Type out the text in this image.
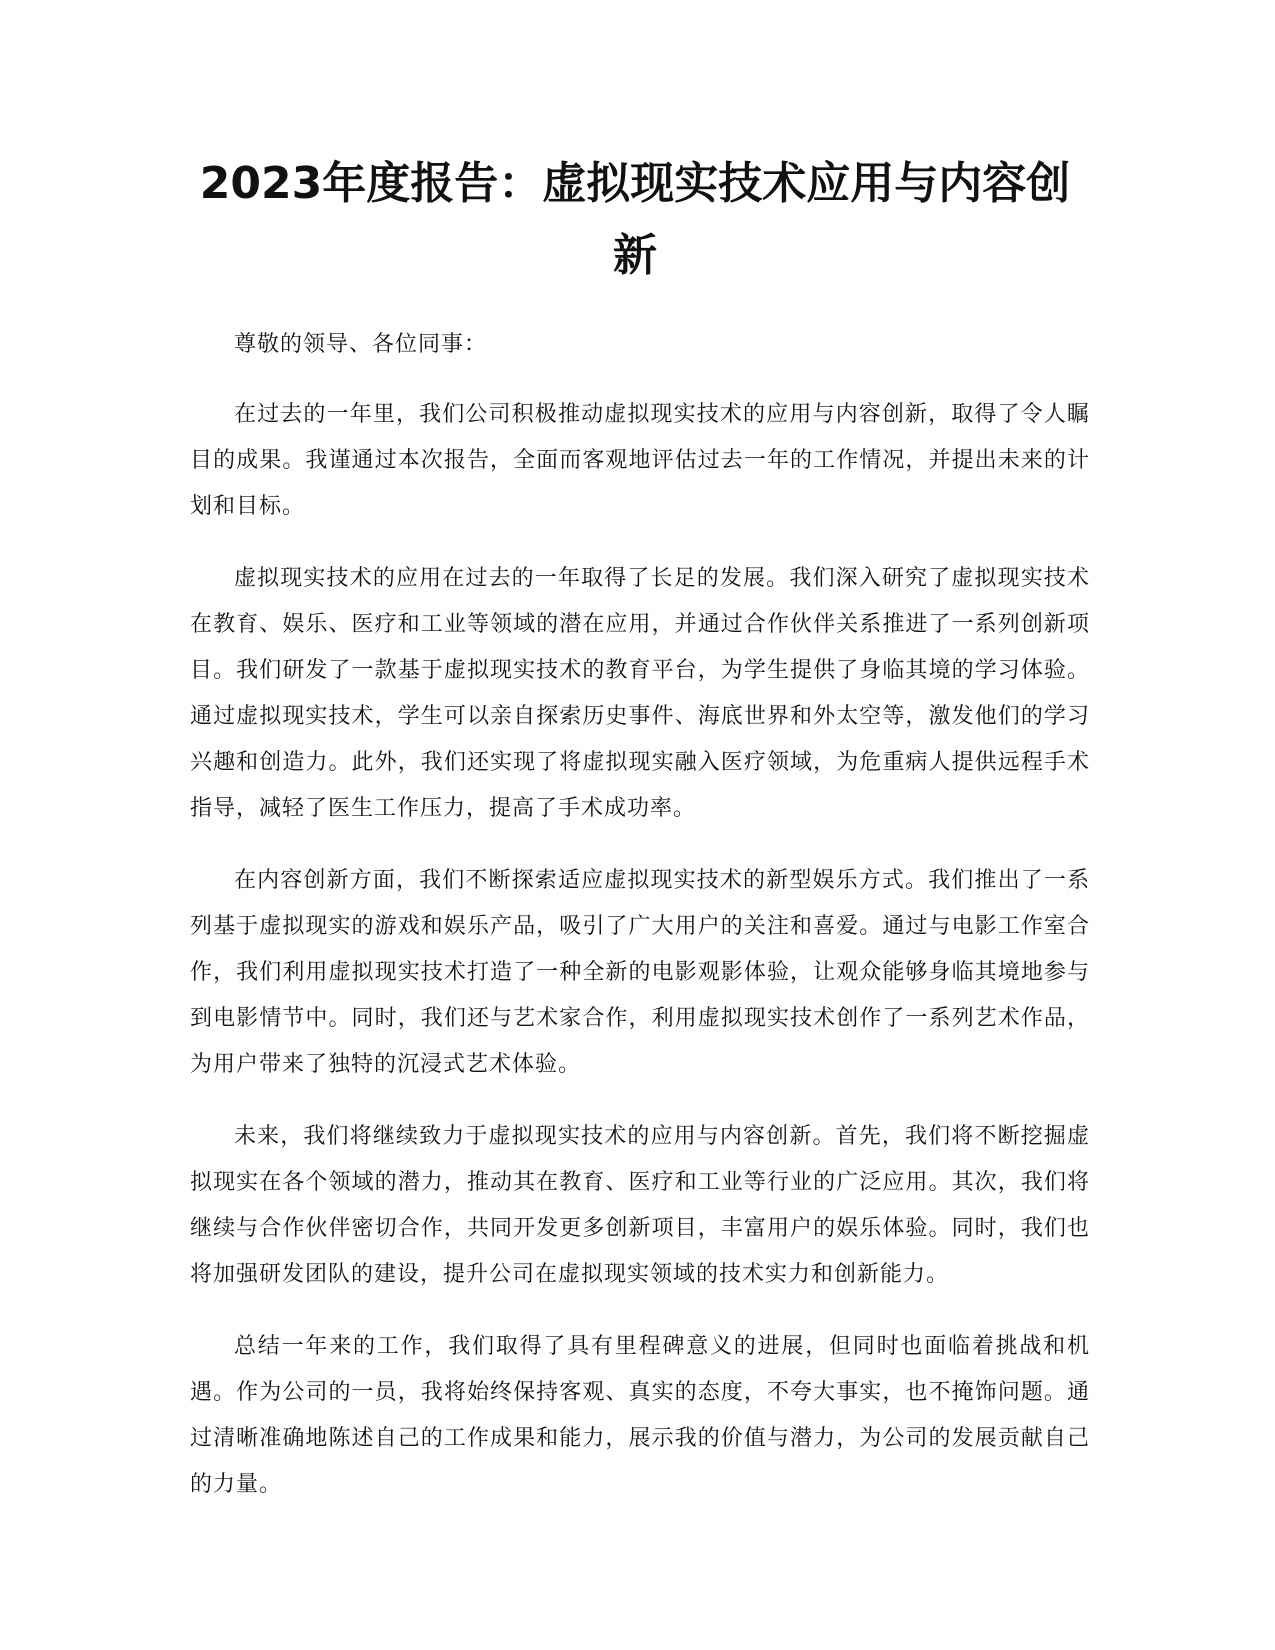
2023年度报告：虚拟现实技术应用与内容创新

尊敬的领导、各位同事：

在过去的一年里，我们公司积极推动虚拟现实技术的应用与内容创新，取得了令人瞩目的成果。我谨通过本次报告，全面而客观地评估过去一年的工作情况，并提出未来的计划和目标。

虚拟现实技术的应用在过去的一年取得了长足的发展。我们深入研究了虚拟现实技术在教育、娱乐、医疗和工业等领域的潜在应用，并通过合作伙伴关系推进了一系列创新项目。我们研发了一款基于虚拟现实技术的教育平台，为学生提供了身临其境的学习体验。通过虚拟现实技术，学生可以亲自探索历史事件、海底世界和外太空等，激发他们的学习兴趣和创造力。此外，我们还实现了将虚拟现实融入医疗领域，为危重病人提供远程手术指导，减轻了医生工作压力，提高了手术成功率。

在内容创新方面，我们不断探索适应虚拟现实技术的新型娱乐方式。我们推出了一系列基于虚拟现实的游戏和娱乐产品，吸引了广大用户的关注和喜爱。通过与电影工作室合作，我们利用虚拟现实技术打造了一种全新的电影观影体验，让观众能够身临其境地参与到电影情节中。同时，我们还与艺术家合作，利用虚拟现实技术创作了一系列艺术作品，为用户带来了独特的沉浸式艺术体验。

未来，我们将继续致力于虚拟现实技术的应用与内容创新。首先，我们将不断挖掘虚拟现实在各个领域的潜力，推动其在教育、医疗和工业等行业的广泛应用。其次，我们将继续与合作伙伴密切合作，共同开发更多创新项目，丰富用户的娱乐体验。同时，我们也将加强研发团队的建设，提升公司在虚拟现实领域的技术实力和创新能力。

总结一年来的工作，我们取得了具有里程碑意义的进展，但同时也面临着挑战和机遇。作为公司的一员，我将始终保持客观、真实的态度，不夸大事实，也不掩饰问题。通过清晰准确地陈述自己的工作成果和能力，展示我的价值与潜力，为公司的发展贡献自己的力量。
